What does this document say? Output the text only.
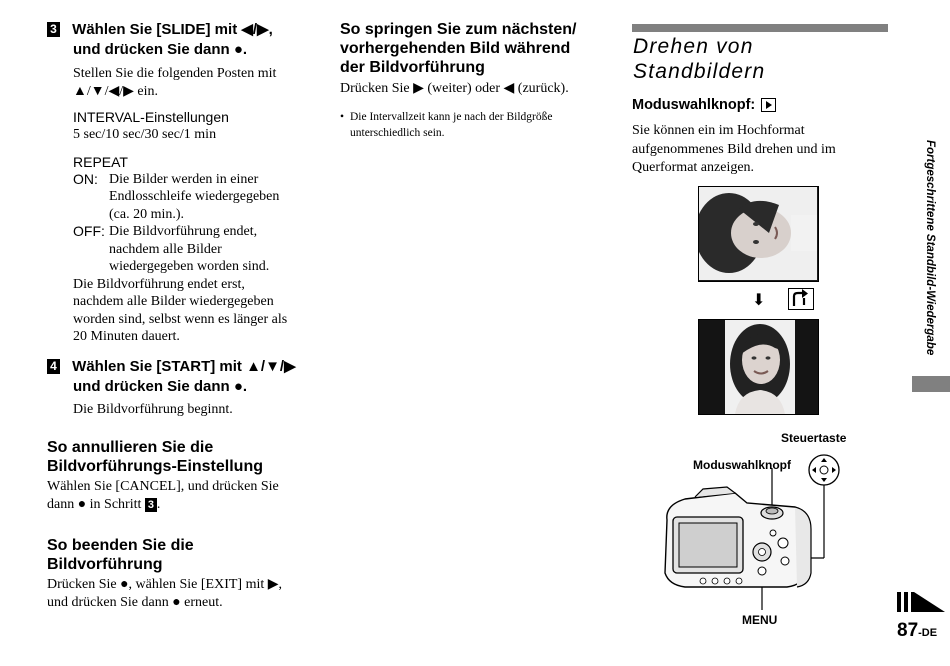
3 Wählen Sie [SLIDE] mit ◀/▶,
und drücken Sie dann ●.
Stellen Sie die folgenden Posten mit
▲/▼/◀/▶ ein.
INTERVAL-Einstellungen
5 sec/10 sec/30 sec/1 min
REPEAT
ON: Die Bilder werden in einer
Endlosschleife wiedergegeben
(ca. 20 min.).
OFF: Die Bildvorführung endet,
nachdem alle Bilder
wiedergegeben worden sind.
Die Bildvorführung endet erst,
nachdem alle Bilder wiedergegeben
worden sind, selbst wenn es länger als
20 Minuten dauert.
4 Wählen Sie [START] mit ▲/▼/▶
und drücken Sie dann ●.
Die Bildvorführung beginnt.
So annullieren Sie die
Bildvorführungs-Einstellung
Wählen Sie [CANCEL], und drücken Sie
dann ● in Schritt 3 .
So beenden Sie die
Bildvorführung
Drücken Sie ●, wählen Sie [EXIT] mit ▶,
und drücken Sie dann ● erneut.
So springen Sie zum nächsten/
vorhergehenden Bild während
der Bildvorführung
Drücken Sie ▶ (weiter) oder ◀ (zurück).
• Die Intervallzeit kann je nach der Bildgröße
unterschiedlich sein.
Drehen von
Standbildern
Moduswahlknopf:
Sie können ein im Hochformat
aufgenommenes Bild drehen und im
Querformat anzeigen.
⬇
Steuertaste
Moduswahlknopf
MENU
Fortgeschrittene Standbild-Wiedergabe
87-DE
